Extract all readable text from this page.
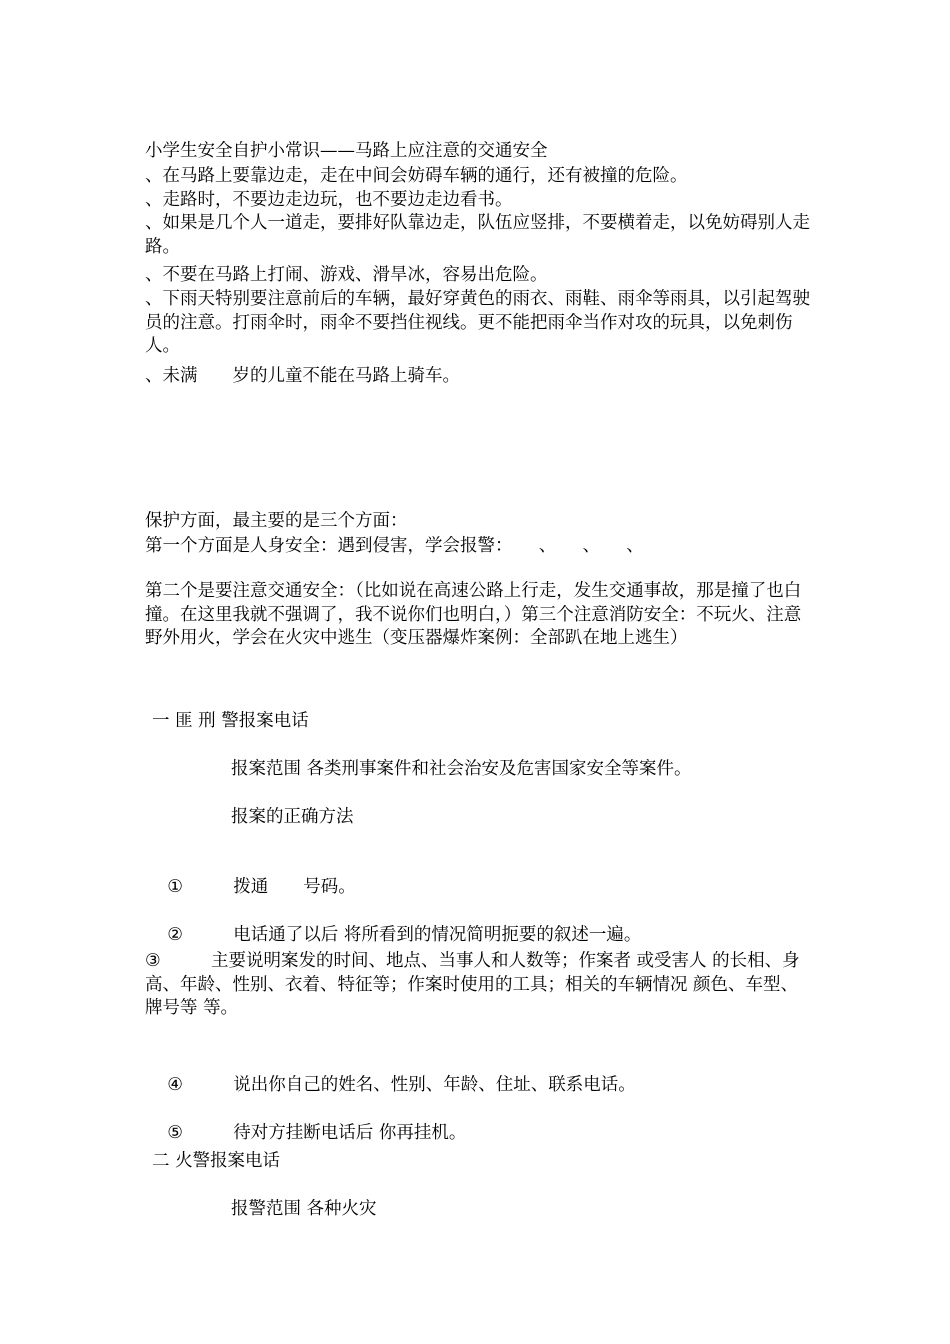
小学生安全自护小常识——马路上应注意的交通安全

、在马路上要靠边走，走在中间会妨碍车辆的通行，还有被撞的危险。

、走路时，不要边走边玩，也不要边走边看书。

、如果是几个人一道走，要排好队靠边走，队伍应竖排，不要横着走，以免妨碍别人走路。

、不要在马路上打闹、游戏、滑旱冰，容易出危险。

、下雨天特别要注意前后的车辆，最好穿黄色的雨衣、雨鞋、雨伞等雨具，以引起驾驶员的注意。打雨伞时，雨伞不要挡住视线。更不能把雨伞当作对攻的玩具，以免刺伤人。

、未满　　岁的儿童不能在马路上骑车。

保护方面，最主要的是三个方面：

第一个方面是人身安全：遇到侵害，学会报警：　　、　　、　　、

第二个是要注意交通安全：（比如说在高速公路上行走，发生交通事故，那是撞了也白撞。在这里我就不强调了，我不说你们也明白，）第三个注意消防安全：不玩火、注意野外用火，学会在火灾中逃生（变压器爆炸案例：全部趴在地上逃生）

一 匪 刑 警报案电话

报案范围 各类刑事案件和社会治安及危害国家安全等案件。

报案的正确方法

①	拨通　　号码。

②	电话通了以后 将所看到的情况简明扼要的叙述一遍。

③	主要说明案发的时间、地点、当事人和人数等；作案者 或受害人 的长相、身高、年龄、性别、衣着、特征等；作案时使用的工具；相关的车辆情况 颜色、车型、牌号等 等。

④	说出你自己的姓名、性别、年龄、住址、联系电话。

⑤	待对方挂断电话后 你再挂机。

二 火警报案电话

报警范围 各种火灾
